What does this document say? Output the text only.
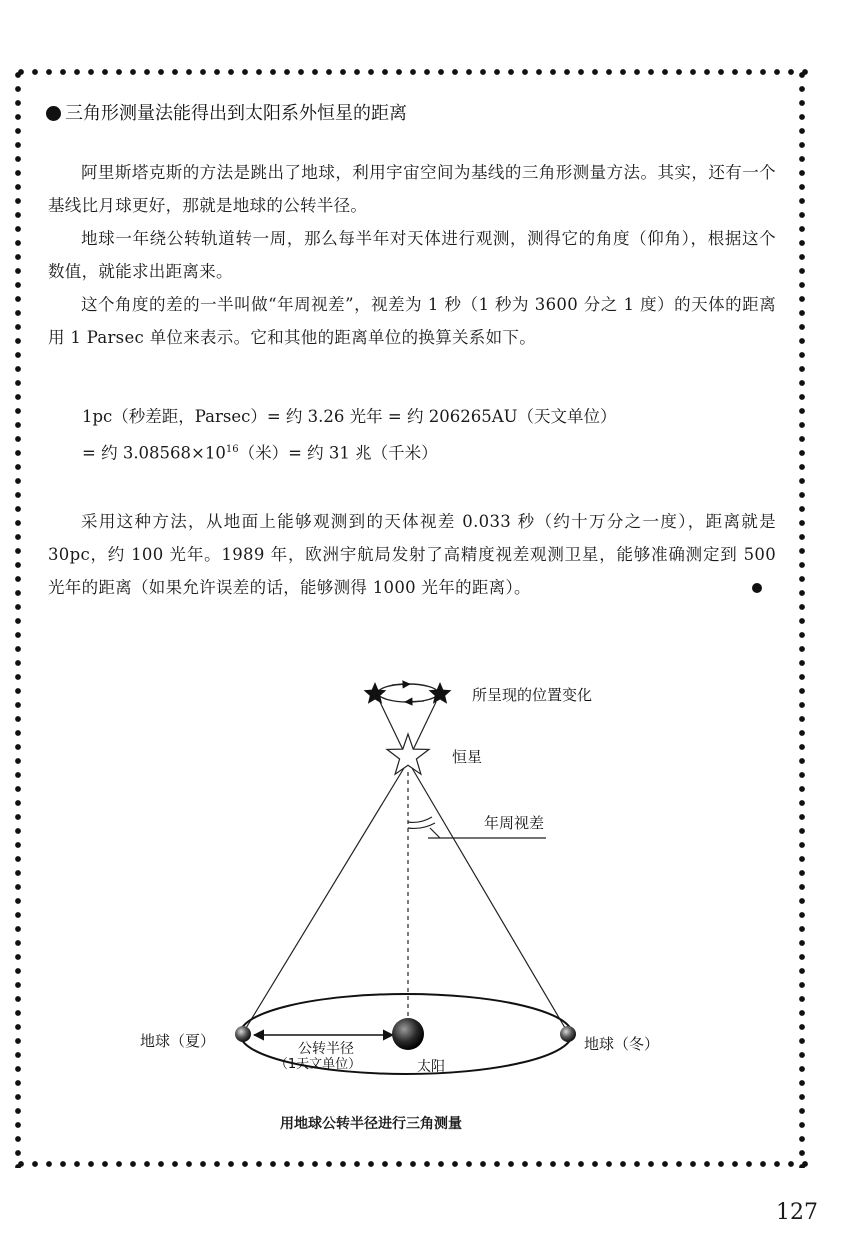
三角形测量法能得出到太阳系外恒星的距离

阿里斯塔克斯的方法是跳出了地球，利用宇宙空间为基线的三角形测量方法。其实，还有一个基线比月球更好，那就是地球的公转半径。

地球一年绕公转轨道转一周，那么每半年对天体进行观测，测得它的角度（仰角），根据这个数值，就能求出距离来。

这个角度的差的一半叫做“年周视差”，视差为 1 秒（1 秒为 3600 分之 1 度）的天体的距离用 1 Parsec 单位来表示。它和其他的距离单位的换算关系如下。

1pc（秒差距，Parsec）= 约 3.26 光年 = 约 206265AU（天文单位）

= 约 $3.08568\times 10^{16}$（米）= 约 31 兆（千米）

采用这种方法，从地面上能够观测到的天体视差 0.033 秒（约十万分之一度），距离就是 30pc，约 100 光年。1989 年，欧洲宇航局发射了高精度视差观测卫星，能够准确测定到 500 光年的距离（如果允许误差的话，能够测得 1000 光年的距离）。

所呈现的位置变化
恒星
年周视差
地球（夏）	地球（冬）
公转半径
（1天文单位）	太阳

用地球公转半径进行三角测量

127
